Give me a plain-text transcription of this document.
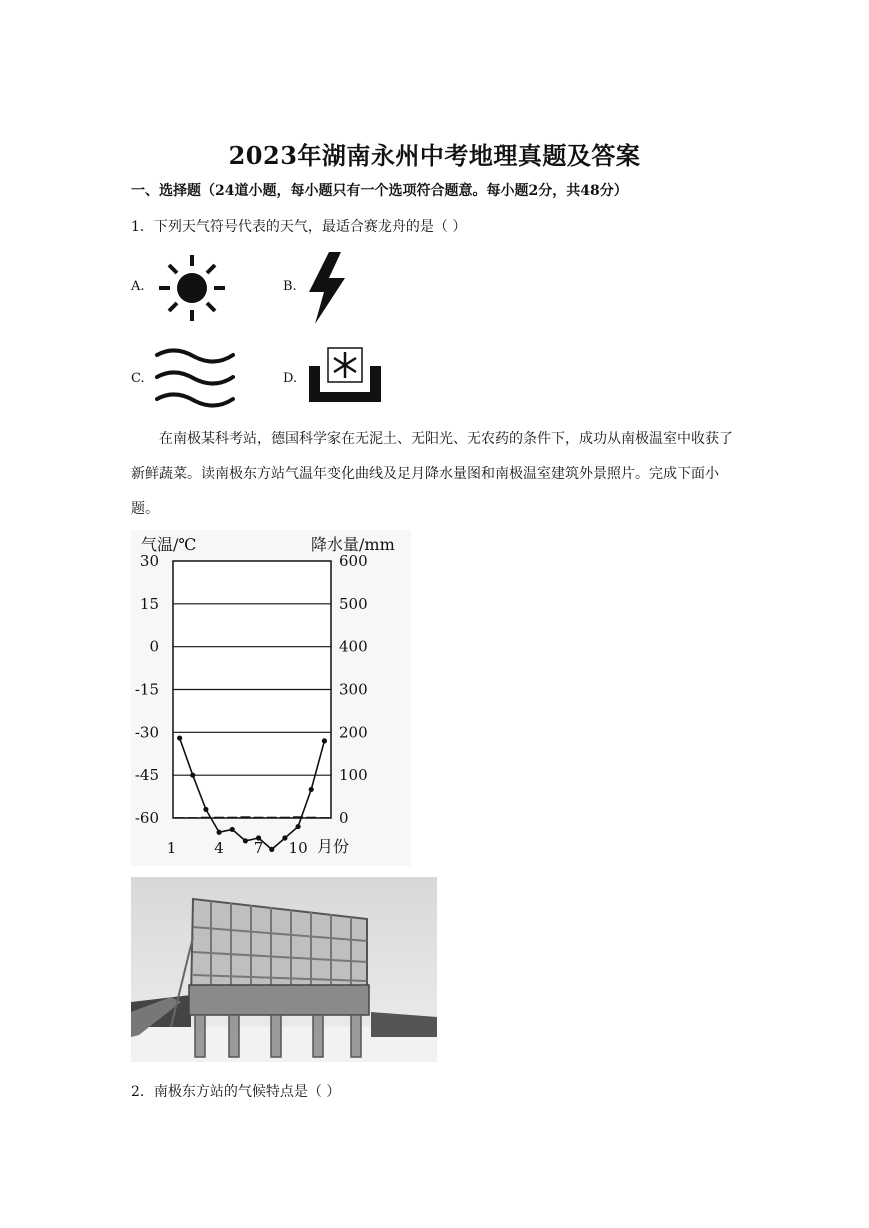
2023年湖南永州中考地理真题及答案
一、选择题（24道小题，每小题只有一个选项符合题意。每小题2分，共48分）
1．下列天气符号代表的天气，最适合赛龙舟的是（ ）
A.	B.
C.	D.
在南极某科考站，德国科学家在无泥土、无阳光、无农药的条件下，成功从南极温室中收获了新鲜蔬菜。读南极东方站气温年变化曲线及足月降水量图和南极温室建筑外景照片。完成下面小题。
气温/℃	降水量/mm
30	600
15	500
0	400
-15	300
-30	200
-45	100
-60	0
1	4 7 10 月份
2．南极东方站的气候特点是（ ）
